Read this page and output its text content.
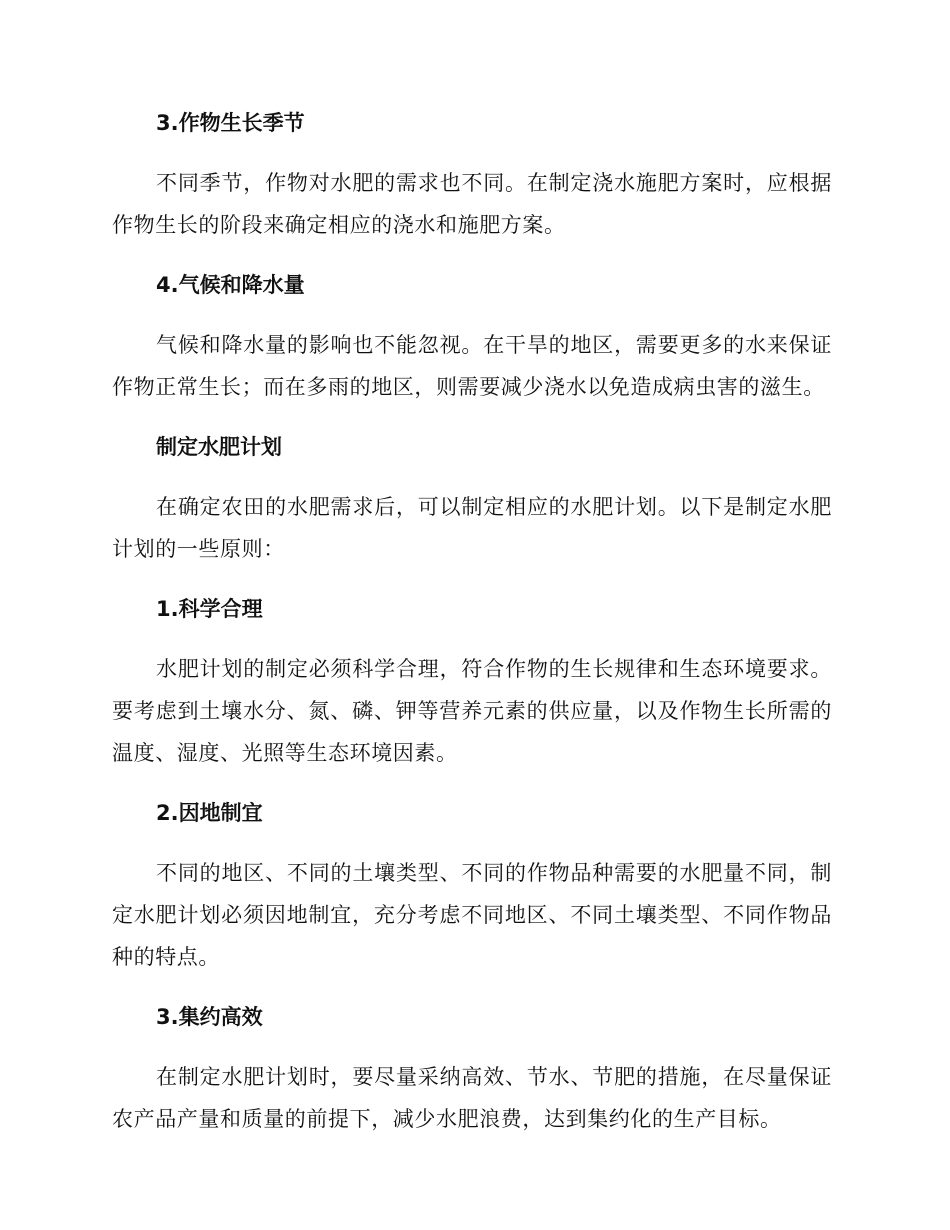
3.作物生长季节

不同季节，作物对水肥的需求也不同。在制定浇水施肥方案时，应根据作物生长的阶段来确定相应的浇水和施肥方案。

4.气候和降水量

气候和降水量的影响也不能忽视。在干旱的地区，需要更多的水来保证作物正常生长；而在多雨的地区，则需要减少浇水以免造成病虫害的滋生。

制定水肥计划

在确定农田的水肥需求后，可以制定相应的水肥计划。以下是制定水肥计划的一些原则：

1.科学合理

水肥计划的制定必须科学合理，符合作物的生长规律和生态环境要求。要考虑到土壤水分、氮、磷、钾等营养元素的供应量，以及作物生长所需的温度、湿度、光照等生态环境因素。

2.因地制宜

不同的地区、不同的土壤类型、不同的作物品种需要的水肥量不同，制定水肥计划必须因地制宜，充分考虑不同地区、不同土壤类型、不同作物品种的特点。

3.集约高效

在制定水肥计划时，要尽量采纳高效、节水、节肥的措施，在尽量保证农产品产量和质量的前提下，减少水肥浪费，达到集约化的生产目标。
